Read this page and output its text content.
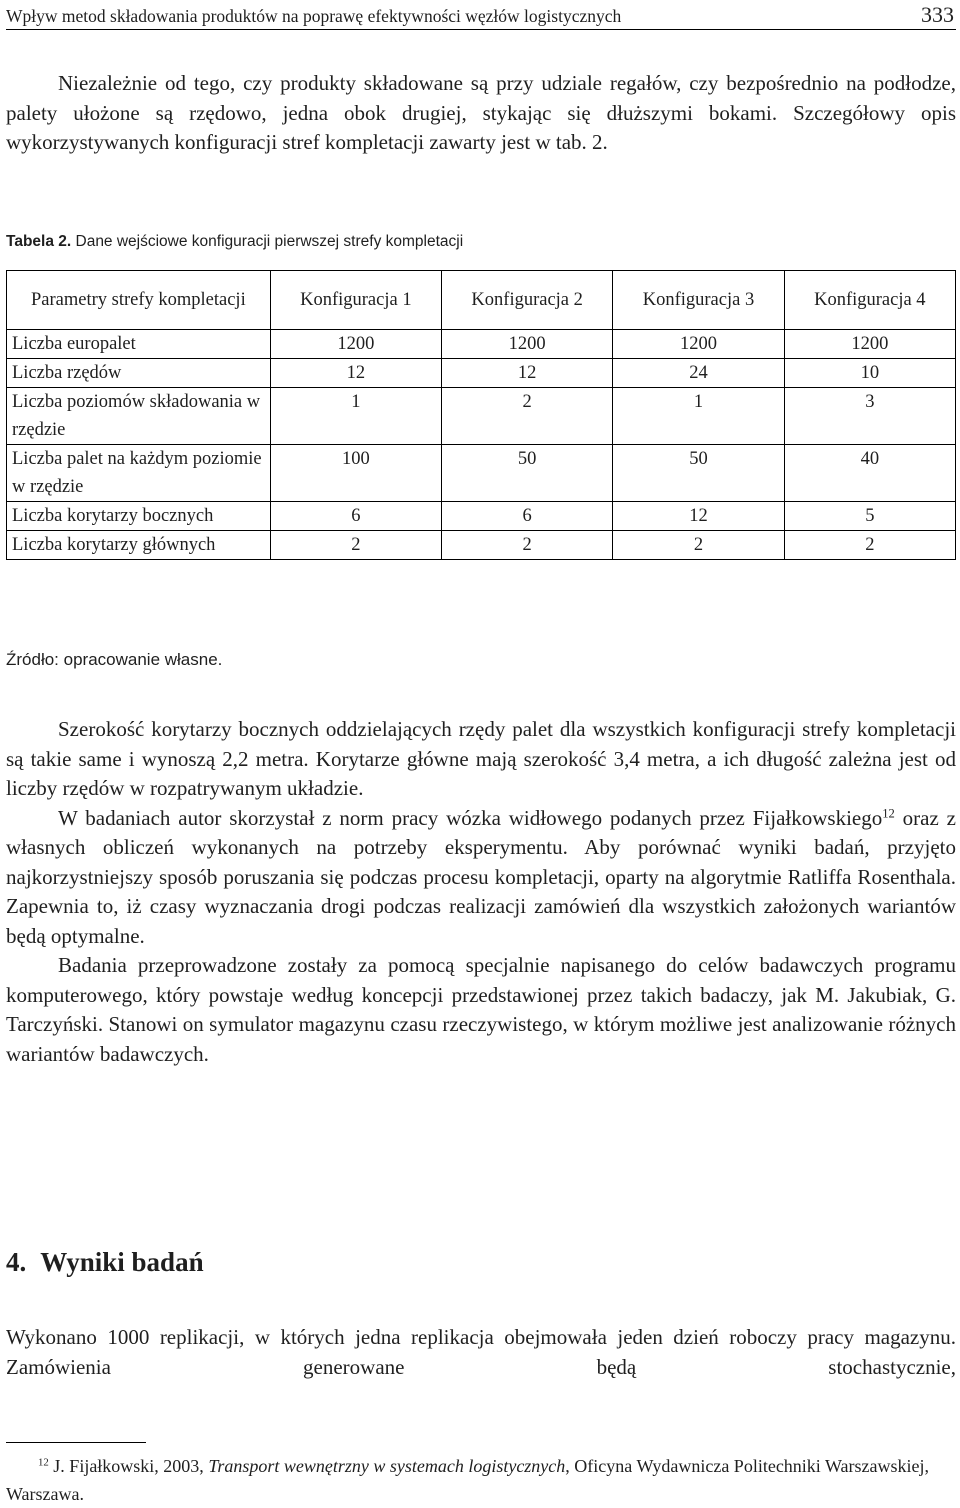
Wpływ metod składowania produktów na poprawę efektywności węzłów logistycznych	333

Niezależnie od tego, czy produkty składowane są przy udziale regałów, czy bezpośrednio na podłodze, palety ułożone są rzędowo, jedna obok drugiej, stykając się dłuższymi bokami. Szczegółowy opis wykorzystywanych konfiguracji stref kompletacji zawarty jest w tab. 2.

Tabela 2. Dane wejściowe konfiguracji pierwszej strefy kompletacji
Parametry strefy kompletacji	Konfiguracja 1	Konfiguracja 2	Konfiguracja 3	Konfiguracja 4
Liczba europalet	1200	1200	1200	1200
Liczba rzędów	12	12	24	10
Liczba poziomów składowania w rzędzie	1	2	1	3
Liczba palet na każdym poziomie w rzędzie	100	50	50	40
Liczba korytarzy bocznych	6	6	12	5
Liczba korytarzy głównych	2	2	2	2
Źródło: opracowanie własne.

Szerokość korytarzy bocznych oddzielających rzędy palet dla wszystkich konfiguracji strefy kompletacji są takie same i wynoszą 2,2 metra. Korytarze główne mają szerokość 3,4 metra, a ich długość zależna jest od liczby rzędów w rozpatrywanym układzie.

W badaniach autor skorzystał z norm pracy wózka widłowego podanych przez Fijałkowskiego$^{12}$ oraz z własnych obliczeń wykonanych na potrzeby eksperymentu. Aby porównać wyniki badań, przyjęto najkorzystniejszy sposób poruszania się podczas procesu kompletacji, oparty na algorytmie Ratliffa Rosenthala. Zapewnia to, iż czasy wyznaczania drogi podczas realizacji zamówień dla wszystkich założonych wariantów będą optymalne.

Badania przeprowadzone zostały za pomocą specjalnie napisanego do celów badawczych programu komputerowego, który powstaje według koncepcji przedstawionej przez takich badaczy, jak M. Jakubiak, G. Tarczyński. Stanowi on symulator magazynu czasu rzeczywistego, w którym możliwe jest analizowanie różnych wariantów badawczych.

4. Wyniki badań

Wykonano 1000 replikacji, w których jedna replikacja obejmowała jeden dzień roboczy pracy magazynu. Zamówienia generowane będą stochastycznie,

$^{12}$ J. Fijałkowski, 2003, Transport wewnętrzny w systemach logistycznych, Oficyna Wydawnicza Politechniki Warszawskiej, Warszawa.
